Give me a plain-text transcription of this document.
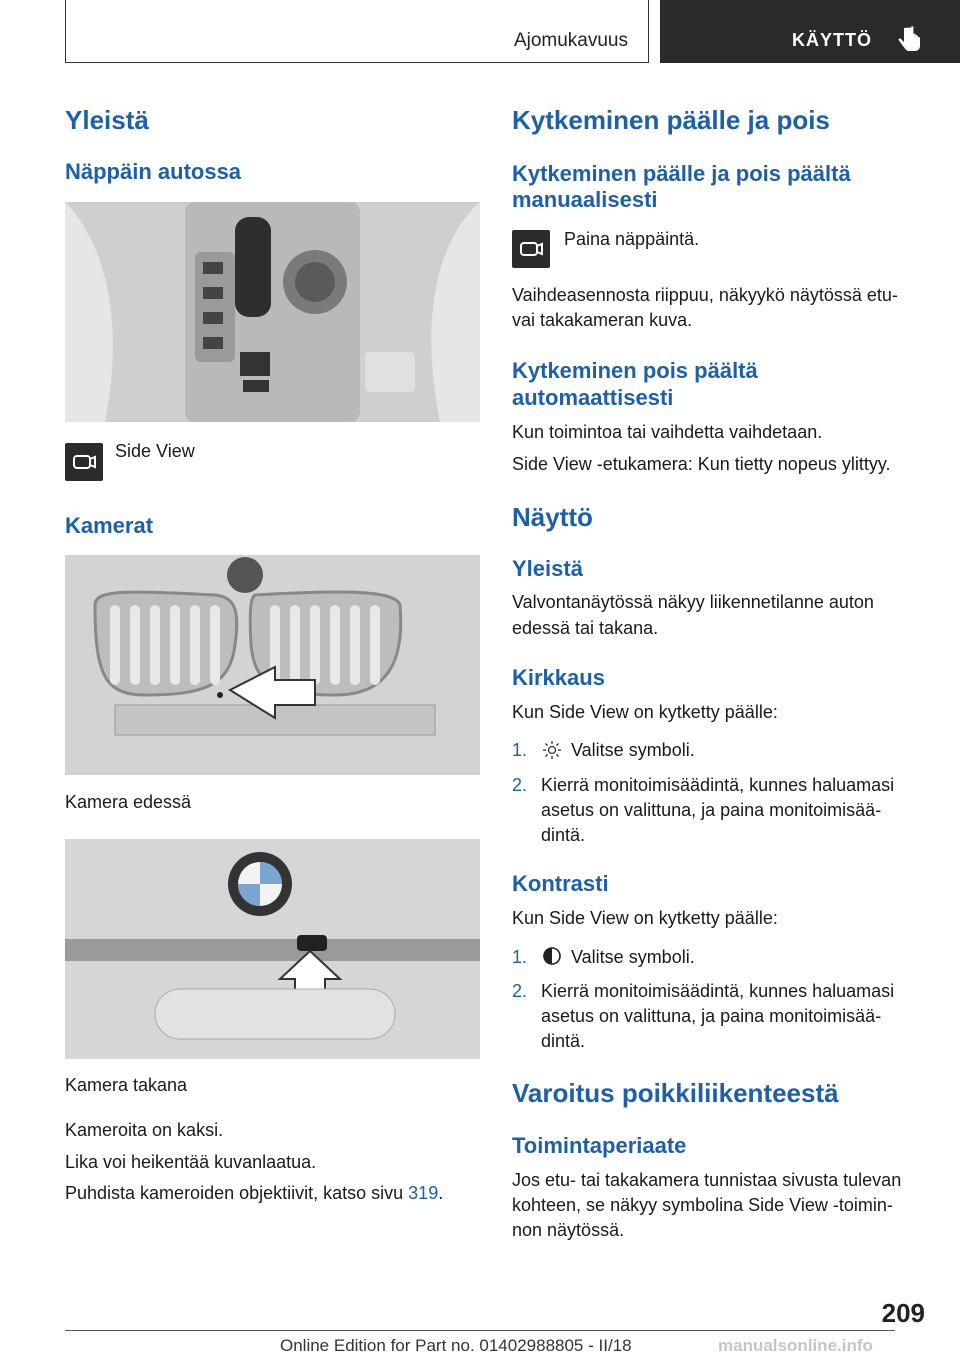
Ajomukavuus	KÄYTTÖ
Yleistä
Näppäin autossa
Side View
Kamerat
Kamera edessä
Kamera takana
Kameroita on kaksi.
Lika voi heikentää kuvanlaatua.
Puhdista kameroiden objektiivit, katso sivu 319.
Kytkeminen päälle ja pois
Kytkeminen päälle ja pois päältä
manuaalisesti
Paina näppäintä.
Vaihdeasennosta riippuu, näkyykö näytössä etu-
vai takakameran kuva.
Kytkeminen pois päältä
automaattisesti
Kun toimintoa tai vaihdetta vaihdetaan.
Side View -etukamera: Kun tietty nopeus ylittyy.
Näyttö
Yleistä
Valvontanäytössä näkyy liikennetilanne auton
edessä tai takana.
Kirkkaus
Kun Side View on kytketty päälle:
1. Valitse symboli.
2. Kierrä monitoimisäädintä, kunnes haluamasi
asetus on valittuna, ja paina monitoimisää-
dintä.
Kontrasti
Kun Side View on kytketty päälle:
1. Valitse symboli.
2. Kierrä monitoimisäädintä, kunnes haluamasi
asetus on valittuna, ja paina monitoimisää-
dintä.
Varoitus poikkiliikenteestä
Toimintaperiaate
Jos etu- tai takakamera tunnistaa sivusta tulevan
kohteen, se näkyy symbolina Side View -toimin-
non näytössä.
209
Online Edition for Part no. 01402988805 - II/18	manualsonline.info
